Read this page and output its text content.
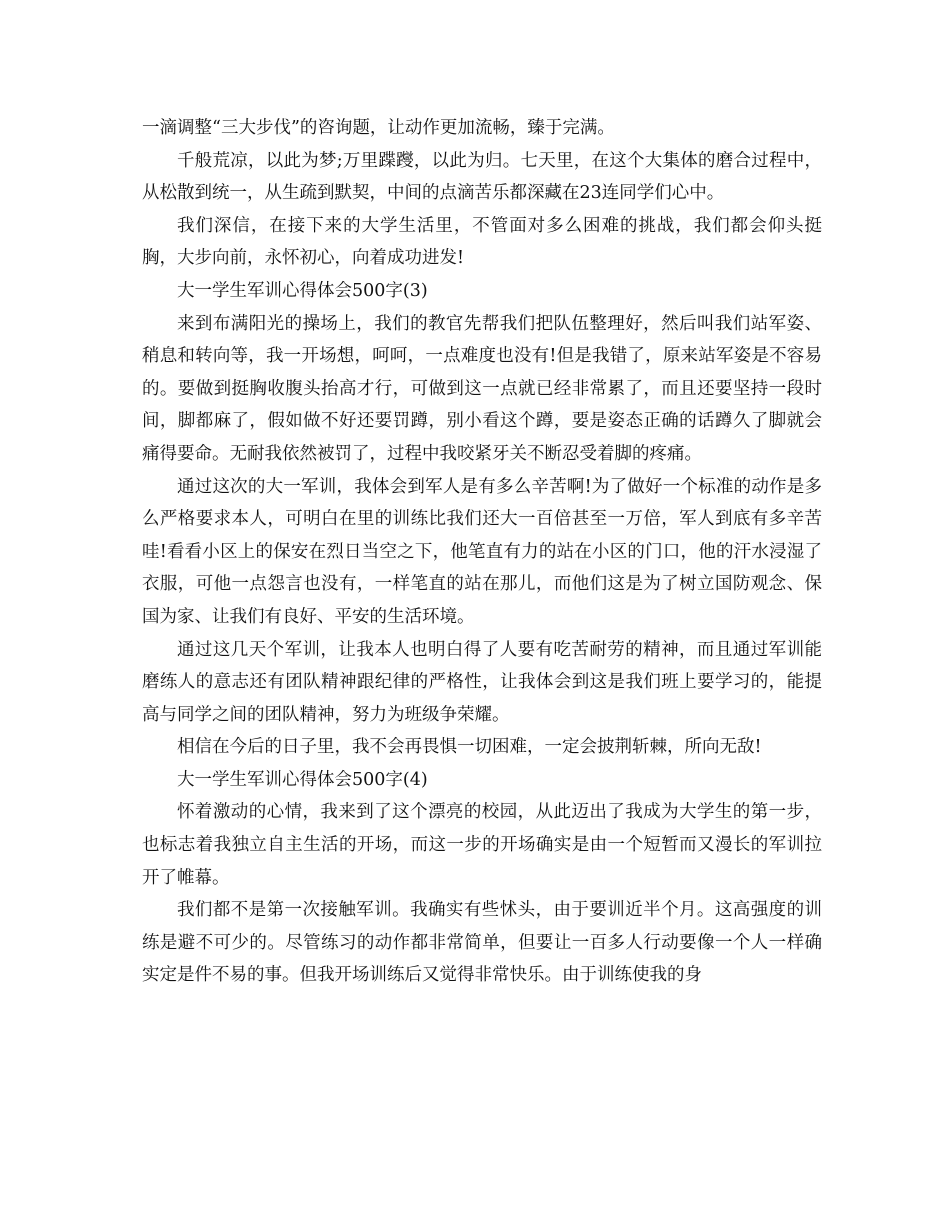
一滴调整“三大步伐”的咨询题，让动作更加流畅，臻于完满。

千般荒凉，以此为梦;万里蹀躞，以此为归。七天里，在这个大集体的磨合过程中，从松散到统一，从生疏到默契，中间的点滴苦乐都深藏在23连同学们心中。

我们深信，在接下来的大学生活里，不管面对多么困难的挑战，我们都会仰头挺胸，大步向前，永怀初心，向着成功进发!

大一学生军训心得体会500字(3)

来到布满阳光的操场上，我们的教官先帮我们把队伍整理好，然后叫我们站军姿、稍息和转向等，我一开场想，呵呵，一点难度也没有!但是我错了，原来站军姿是不容易的。要做到挺胸收腹头抬高才行，可做到这一点就已经非常累了，而且还要坚持一段时间，脚都麻了，假如做不好还要罚蹲，别小看这个蹲，要是姿态正确的话蹲久了脚就会痛得要命。无耐我依然被罚了，过程中我咬紧牙关不断忍受着脚的疼痛。

通过这次的大一军训，我体会到军人是有多么辛苦啊!为了做好一个标准的动作是多么严格要求本人，可明白在里的训练比我们还大一百倍甚至一万倍，军人到底有多辛苦哇!看看小区上的保安在烈日当空之下，他笔直有力的站在小区的门口，他的汗水浸湿了衣服，可他一点怨言也没有，一样笔直的站在那儿，而他们这是为了树立国防观念、保国为家、让我们有良好、平安的生活环境。

通过这几天个军训，让我本人也明白得了人要有吃苦耐劳的精神，而且通过军训能磨练人的意志还有团队精神跟纪律的严格性，让我体会到这是我们班上要学习的，能提高与同学之间的团队精神，努力为班级争荣耀。

相信在今后的日子里，我不会再畏惧一切困难，一定会披荆斩棘，所向无敌!

大一学生军训心得体会500字(4)

怀着激动的心情，我来到了这个漂亮的校园，从此迈出了我成为大学生的第一步，也标志着我独立自主生活的开场，而这一步的开场确实是由一个短暂而又漫长的军训拉开了帷幕。

我们都不是第一次接触军训。我确实有些怵头，由于要训近半个月。这高强度的训练是避不可少的。尽管练习的动作都非常简单，但要让一百多人行动要像一个人一样确实定是件不易的事。但我开场训练后又觉得非常快乐。由于训练使我的身
